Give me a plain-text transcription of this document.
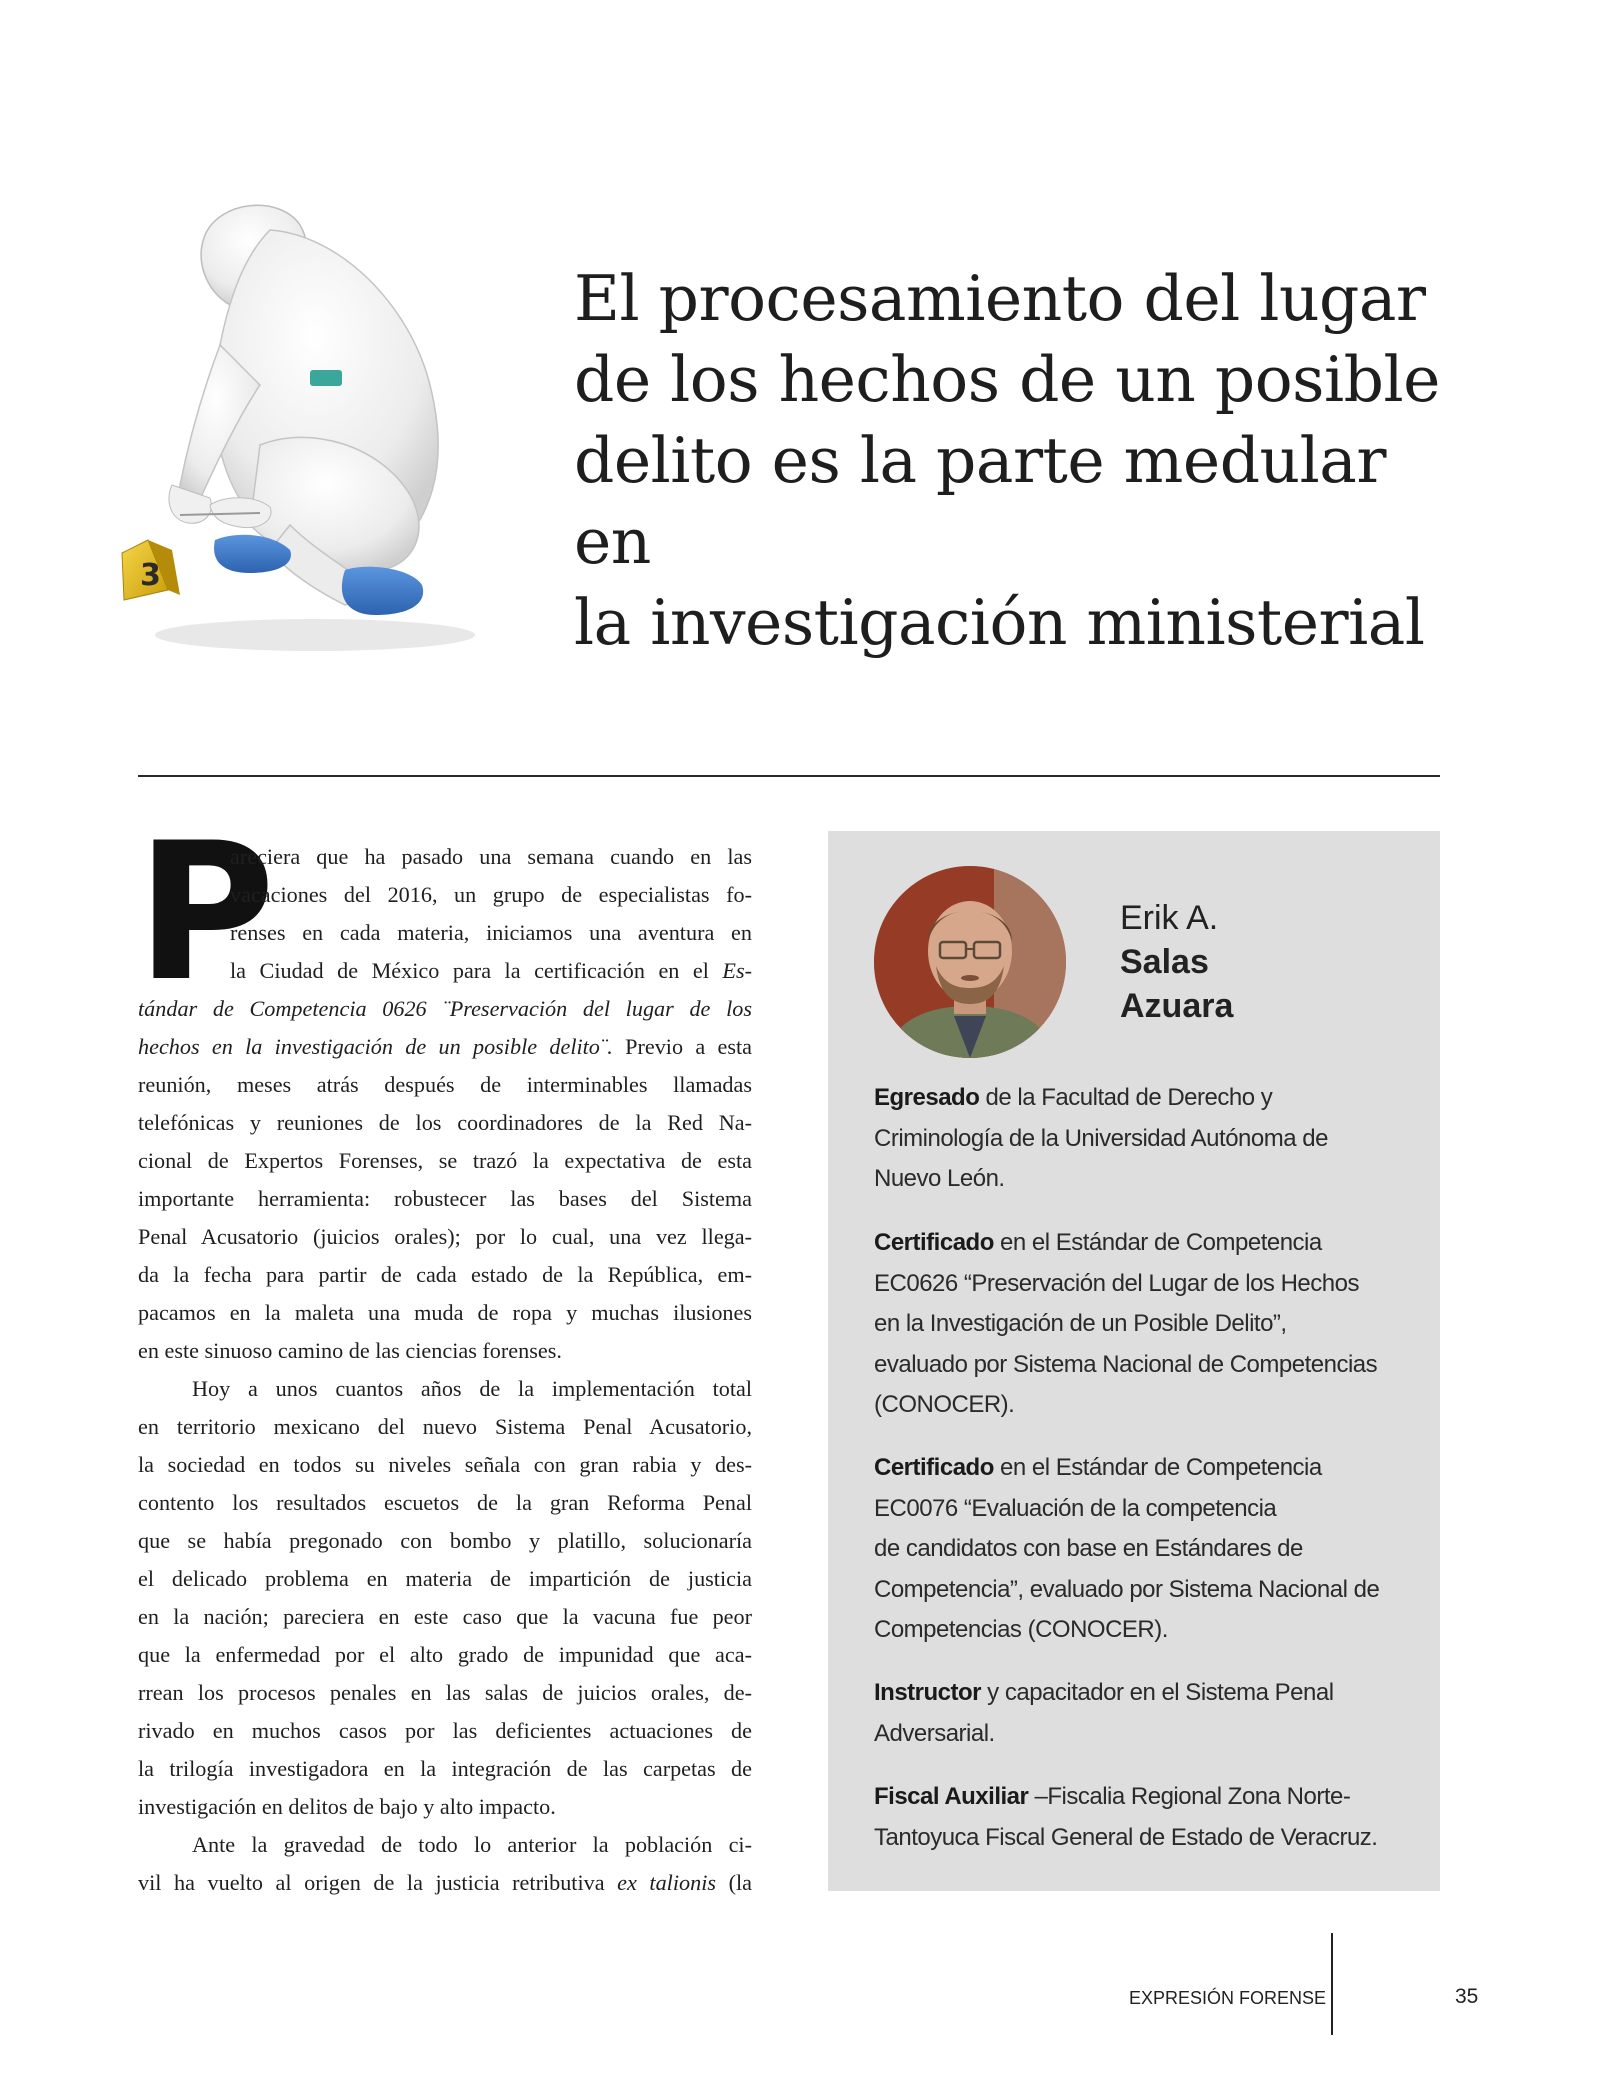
3
El procesamiento del lugar
de los hechos de un posible
delito es la parte medular en
la investigación ministerial
P
areciera que ha pasado una semana cuando en las
vacaciones del 2016, un grupo de especialistas fo-
renses en cada materia, iniciamos una aventura en
la Ciudad de México para la certificación en el Es-
tándar de Competencia 0626 ¨Preservación del lugar de los
hechos en la investigación de un posible delito¨. Previo a esta
reunión, meses atrás después de interminables llamadas
telefónicas y reuniones de los coordinadores de la Red Na-
cional de Expertos Forenses, se trazó la expectativa de esta
importante herramienta: robustecer las bases del Sistema
Penal Acusatorio (juicios orales); por lo cual, una vez llega-
da la fecha para partir de cada estado de la República, em-
pacamos en la maleta una muda de ropa y muchas ilusiones
en este sinuoso camino de las ciencias forenses.
Hoy a unos cuantos años de la implementación total
en territorio mexicano del nuevo Sistema Penal Acusatorio,
la sociedad en todos su niveles señala con gran rabia y des-
contento los resultados escuetos de la gran Reforma Penal
que se había pregonado con bombo y platillo, solucionaría
el delicado problema en materia de impartición de justicia
en la nación; pareciera en este caso que la vacuna fue peor
que la enfermedad por el alto grado de impunidad que aca-
rrean los procesos penales en las salas de juicios orales, de-
rivado en muchos casos por las deficientes actuaciones de
la trilogía investigadora en la integración de las carpetas de
investigación en delitos de bajo y alto impacto.
Ante la gravedad de todo lo anterior la población ci-
vil ha vuelto al origen de la justicia retributiva ex talionis (la
Erik A.
Salas
Azuara
Egresado de la Facultad de Derecho y
Criminología de la Universidad Autónoma de
Nuevo León.
Certificado en el Estándar de Competencia
EC0626 “Preservación del Lugar de los Hechos
en la Investigación de un Posible Delito”,
evaluado por Sistema Nacional de Competencias
(CONOCER).
Certificado en el Estándar de Competencia
EC0076 “Evaluación de la competencia
de candidatos con base en Estándares de
Competencia”, evaluado por Sistema Nacional de
Competencias (CONOCER).
Instructor y capacitador en el Sistema Penal
Adversarial.
Fiscal Auxiliar –Fiscalia Regional Zona Norte-
Tantoyuca Fiscal General de Estado de Veracruz.
EXPRESIÓN FORENSE	35
